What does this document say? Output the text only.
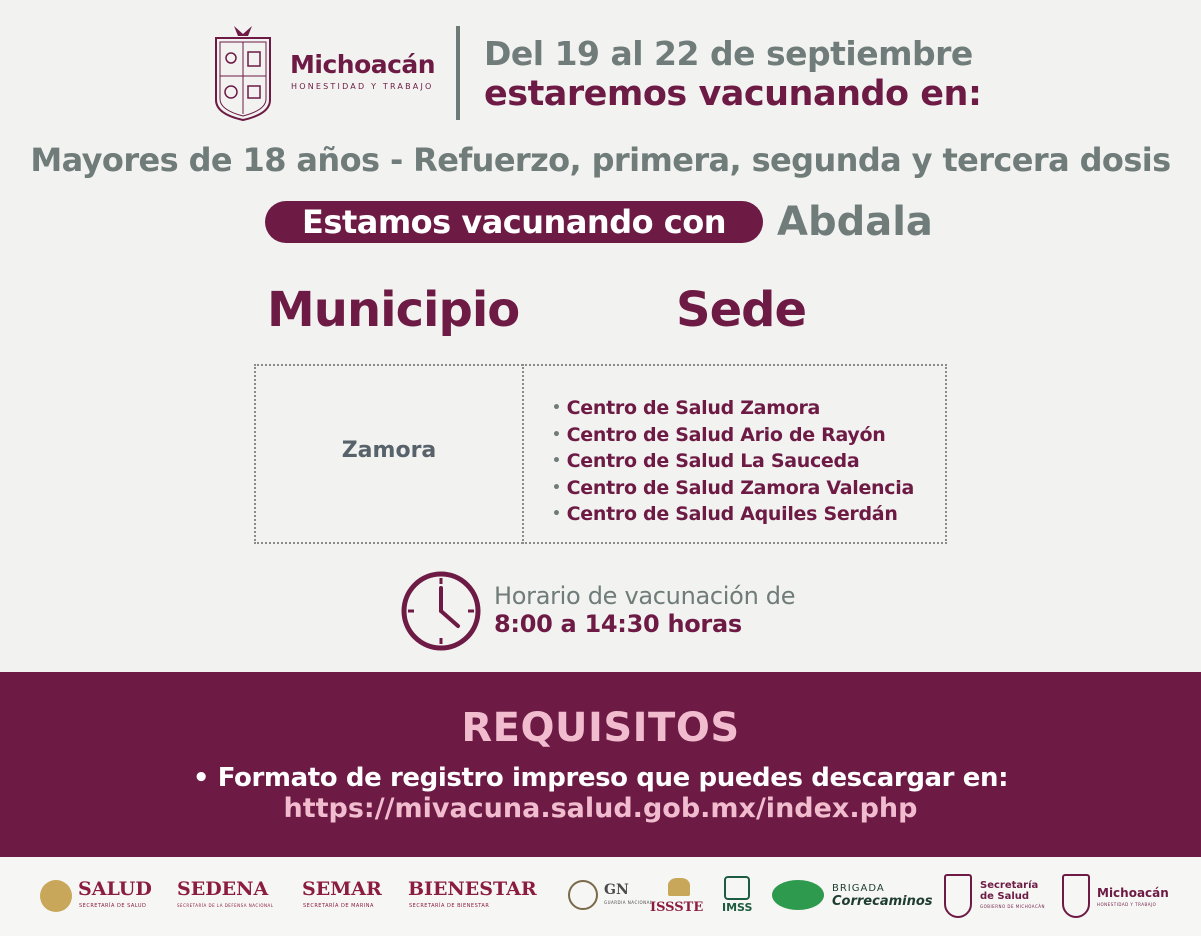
Michoacán
HONESTIDAD Y TRABAJO
Del 19 al 22 de septiembre
estaremos vacunando en:
Mayores de 18 años - Refuerzo, primera, segunda y tercera dosis
Estamos vacunando con	Abdala
Municipio	Sede
Zamora
• Centro de Salud Zamora
• Centro de Salud Ario de Rayón
• Centro de Salud La Sauceda
• Centro de Salud Zamora Valencia
• Centro de Salud Aquiles Serdán
Horario de vacunación de
8:00 a 14:30 horas
REQUISITOS
• Formato de registro impreso que puedes descargar en:
https://mivacuna.salud.gob.mx/index.php
SALUD
SECRETARÍA DE SALUD
SEDENA
SECRETARÍA DE LA DEFENSA NACIONAL
SEMAR
SECRETARÍA DE MARINA
BIENESTAR
SECRETARÍA DE BIENESTAR
GN
GUARDIA NACIONAL
ISSSTE IMSS
BRIGADA
Correcaminos
Secretaría
de Salud
GOBIERNO DE MICHOACÁN
Michoacán
HONESTIDAD Y TRABAJO
